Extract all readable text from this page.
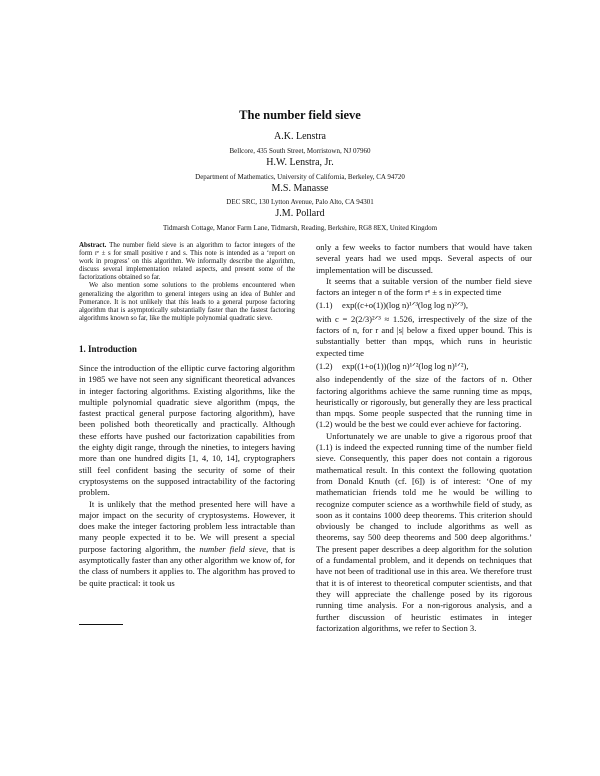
The number field sieve
A.K. Lenstra
Bellcore, 435 South Street, Morristown, NJ 07960
H.W. Lenstra, Jr.
Department of Mathematics, University of California, Berkeley, CA 94720
M.S. Manasse
DEC SRC, 130 Lytton Avenue, Palo Alto, CA 94301
J.M. Pollard
Tidmarsh Cottage, Manor Farm Lane, Tidmarsh, Reading, Berkshire, RG8 8EX, United Kingdom

Abstract. The number field sieve is an algorithm to factor integers of the form rᵉ ± s for small positive r and s. This note is intended as a ‘report on work in progress’ on this algorithm. We informally describe the algorithm, discuss several implementation related aspects, and present some of the factorizations obtained so far.

We also mention some solutions to the problems encountered when generalizing the algorithm to general integers using an idea of Buhler and Pomerance. It is not unlikely that this leads to a general purpose factoring algorithm that is asymptotically substantially faster than the fastest factoring algorithms known so far, like the multiple polynomial quadratic sieve.

1. Introduction

Since the introduction of the elliptic curve factoring algorithm in 1985 we have not seen any significant theoretical advances in integer factoring algorithms. Existing algorithms, like the multiple polynomial quadratic sieve algorithm (mpqs, the fastest practical general purpose factoring algorithm), have been polished both theoretically and practically. Although these efforts have pushed our factorization capabilities from the eighty digit range, through the nineties, to integers having more than one hundred digits [1, 4, 10, 14], cryptographers still feel confident basing the security of some of their cryptosystems on the supposed intractability of the factoring problem.

It is unlikely that the method presented here will have a major impact on the security of cryptosystems. However, it does make the integer factoring problem less intractable than many people expected it to be. We will present a special purpose factoring algorithm, the number field sieve, that is asymptotically faster than any other algorithm we know of, for the class of numbers it applies to. The algorithm has proved to be quite practical: it took us

only a few weeks to factor numbers that would have taken several years had we used mpqs. Several aspects of our implementation will be discussed.

It seems that a suitable version of the number field sieve factors an integer n of the form rᵉ ± s in expected time

(1.1) exp((c+o(1))(log n)¹ᐟ³(log log n)²ᐟ³),

with c = 2(2/3)²ᐟ³ ≈ 1.526, irrespectively of the size of the factors of n, for r and |s| below a fixed upper bound. This is substantially better than mpqs, which runs in heuristic expected time

(1.2) exp((1+o(1))(log n)¹ᐟ²(log log n)¹ᐟ²),

also independently of the size of the factors of n. Other factoring algorithms achieve the same running time as mpqs, heuristically or rigorously, but generally they are less practical than mpqs. Some people suspected that the running time in (1.2) would be the best we could ever achieve for factoring.

Unfortunately we are unable to give a rigorous proof that (1.1) is indeed the expected running time of the number field sieve. Consequently, this paper does not contain a rigorous mathematical result. In this context the following quotation from Donald Knuth (cf. [6]) is of interest: ‘One of my mathematician friends told me he would be willing to recognize computer science as a worthwhile field of study, as soon as it contains 1000 deep theorems. This criterion should obviously be changed to include algorithms as well as theorems, say 500 deep theorems and 500 deep algorithms.’ The present paper describes a deep algorithm for the solution of a fundamental problem, and it depends on techniques that have not been of traditional use in this area. We therefore trust that it is of interest to theoretical computer scientists, and that they will appreciate the challenge posed by its rigorous running time analysis. For a non-rigorous analysis, and a further discussion of heuristic estimates in integer factorization algorithms, we refer to Section 3.
